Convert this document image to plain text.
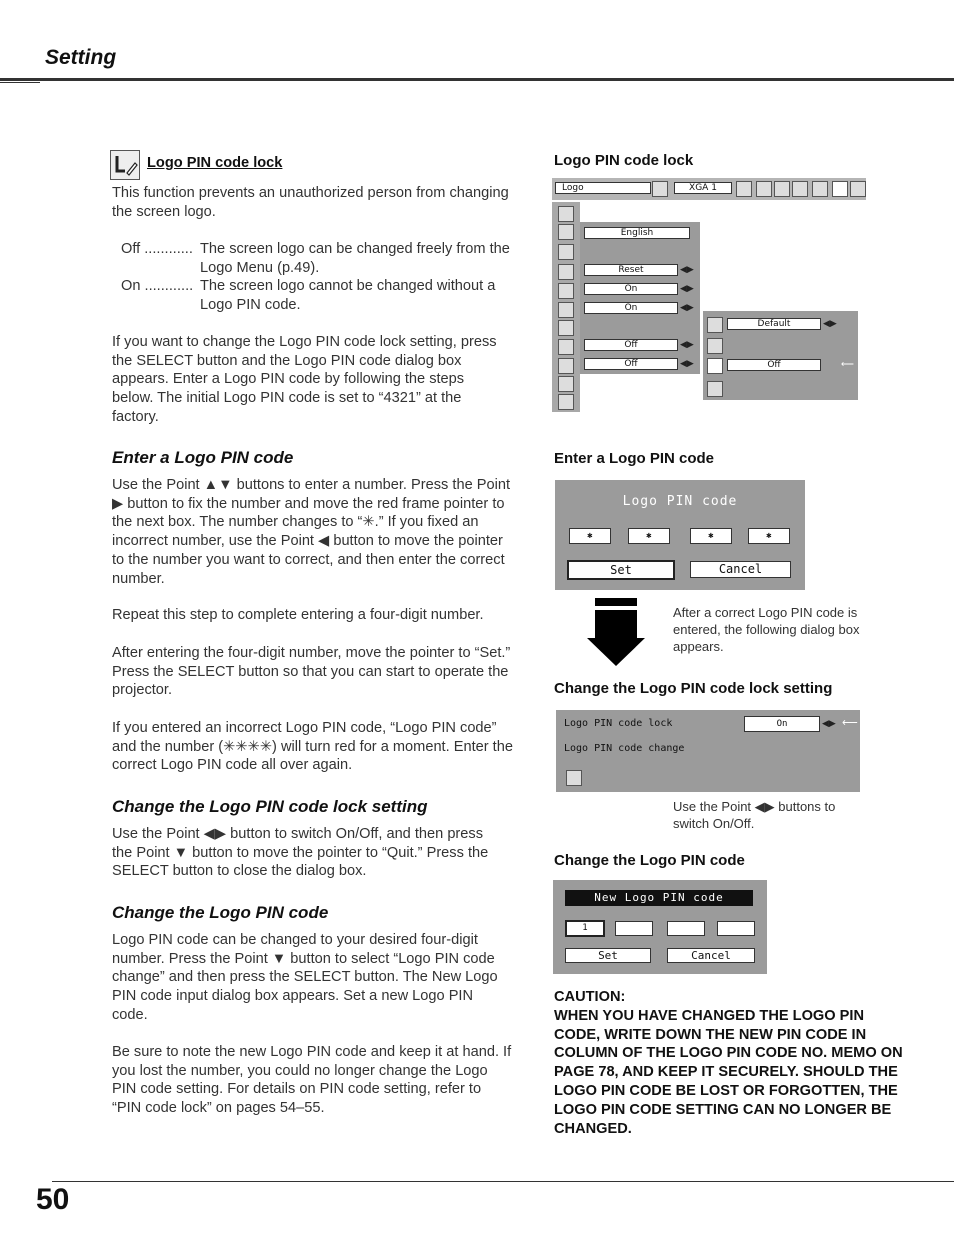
Setting
Logo PIN code lock
This function prevents an unauthorized person from changing the screen logo.
Off ............ The screen logo can be changed freely from the Logo Menu (p.49).
On ............ The screen logo cannot be changed without a Logo PIN code.
If you want to change the Logo PIN code lock setting, press the SELECT button and the Logo PIN code dialog box appears. Enter a Logo PIN code by following the steps below. The initial Logo PIN code is set to “4321” at the factory.
Enter a Logo PIN code
Use the Point ▲▼ buttons to enter a number. Press the Point ▶ button to fix the number and move the red frame pointer to the next box. The number changes to “✳.” If you fixed an incorrect number, use the Point ◀ button to move the pointer to the number you want to correct, and then enter the correct number.
Repeat this step to complete entering a four-digit number.
After entering the four-digit number, move the pointer to “Set.” Press the SELECT button so that you can start to operate the projector.
If you entered an incorrect Logo PIN code, “Logo PIN code” and the number (✳✳✳✳) will turn red for a moment. Enter the correct Logo PIN code all over again.
Change the Logo PIN code lock setting
Use the Point ◀▶ button to switch On/Off, and then press the Point ▼ button to move the pointer to “Quit.” Press the SELECT button to close the dialog box.
Change the Logo PIN code
Logo PIN code can be changed to your desired four-digit number. Press the Point ▼ button to select “Logo PIN code change” and then press the SELECT button. The New Logo PIN code input dialog box appears. Set a new Logo PIN code.
Be sure to note the new Logo PIN code and keep it at hand. If you lost the number, you could no longer change the Logo PIN code setting. For details on PIN code setting, refer to “PIN code lock” on pages 54–55.
Logo PIN code lock
Logo	XGA 1
English
Reset	◀▶
On	◀▶
On	◀▶
Off	◀▶
Off	◀▶
Default	◀▶
Off	⟵
Enter a Logo PIN code
Logo PIN code
✱	✱	✱	✱
Set	Cancel
After a correct Logo PIN code is entered, the following dialog box appears.
Change the Logo PIN code lock setting
Logo PIN code lock	On	◀▶ ⟵
Logo PIN code change
Use the Point ◀▶ buttons to switch On/Off.
Change the Logo PIN code
New Logo PIN code
1
Set	Cancel
CAUTION:
WHEN YOU HAVE CHANGED THE LOGO PIN CODE, WRITE DOWN THE NEW PIN CODE IN COLUMN OF THE LOGO PIN CODE NO. MEMO ON PAGE 78, AND KEEP IT SECURELY. SHOULD THE LOGO PIN CODE BE LOST OR FORGOTTEN, THE LOGO PIN CODE SETTING CAN NO LONGER BE CHANGED.
50
